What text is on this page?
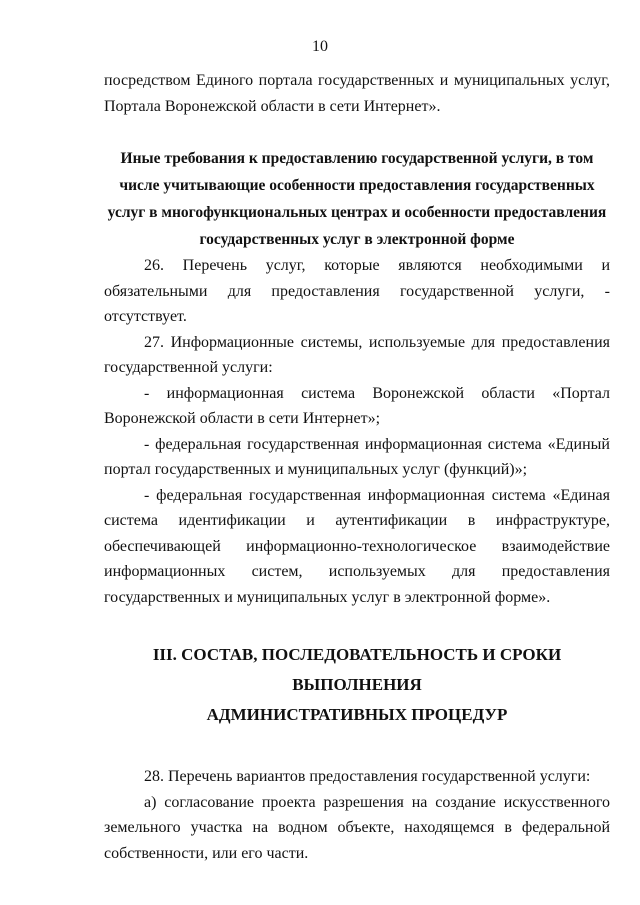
10

посредством Единого портала государственных и муниципальных услуг,

Портала Воронежской области в сети Интернет».

Иные требования к предоставлению государственной услуги, в том
числе учитывающие особенности предоставления государственных
услуг в многофункциональных центрах и особенности предоставления
государственных услуг в электронной форме

26. Перечень услуг, которые являются необходимыми и обязательными для предоставления государственной услуги, - отсутствует.

27. Информационные системы, используемые для предоставления государственной услуги:

- информационная система Воронежской области «Портал Воронежской области в сети Интернет»;

- федеральная государственная информационная система «Единый портал государственных и муниципальных услуг (функций)»;

- федеральная государственная информационная система «Единая система идентификации и аутентификации в инфраструктуре, обеспечивающей информационно-технологическое взаимодействие информационных систем, используемых для предоставления государственных и муниципальных услуг в электронной форме».

III. СОСТАВ, ПОСЛЕДОВАТЕЛЬНОСТЬ И СРОКИ ВЫПОЛНЕНИЯ
АДМИНИСТРАТИВНЫХ ПРОЦЕДУР

28. Перечень вариантов предоставления государственной услуги:

а) согласование проекта разрешения на создание искусственного земельного участка на водном объекте, находящемся в федеральной собственности, или его части.
